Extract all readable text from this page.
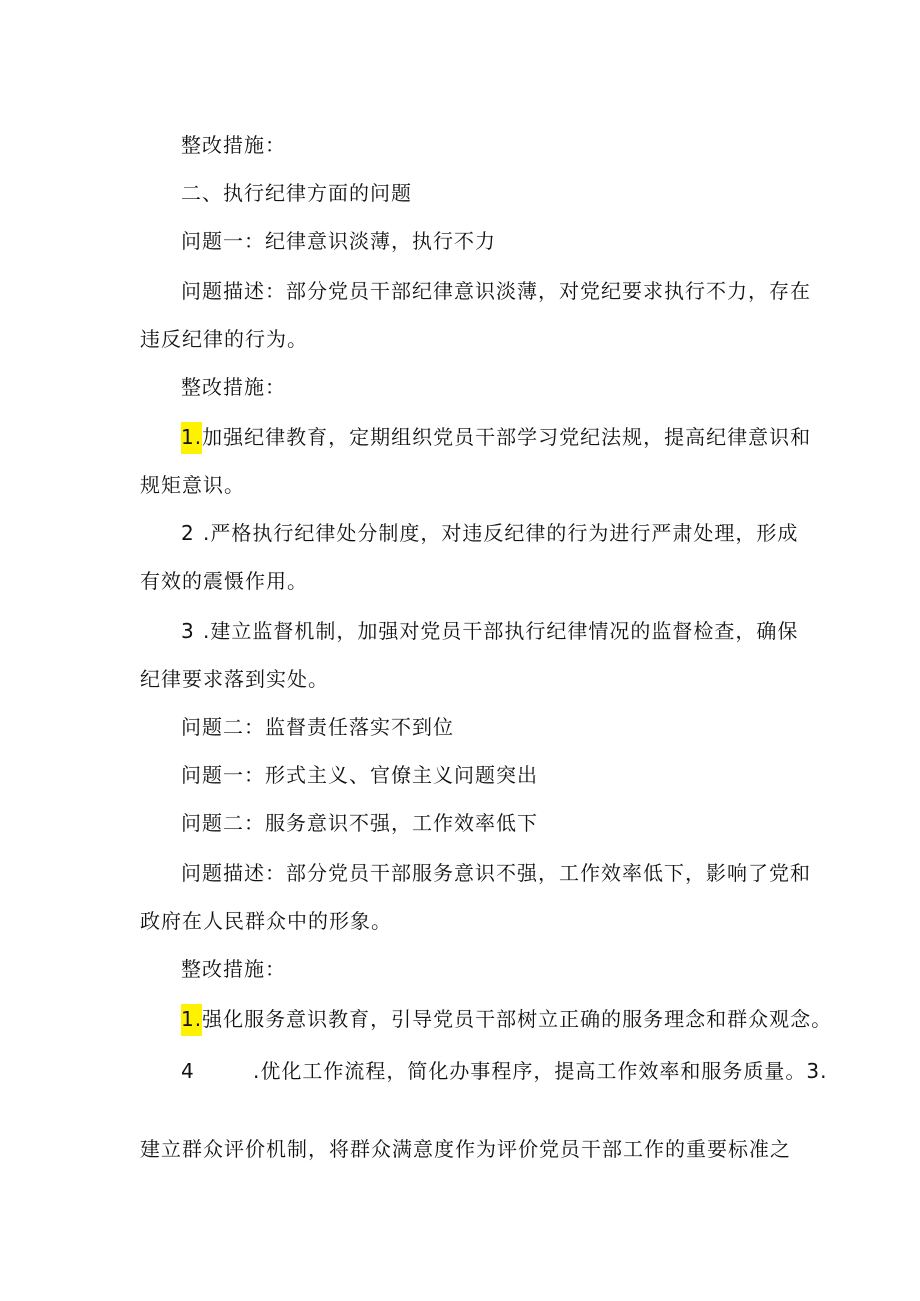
整改措施：
二、执行纪律方面的问题
问题一：纪律意识淡薄，执行不力
问题描述：部分党员干部纪律意识淡薄，对党纪要求执行不力，存在
违反纪律的行为。
整改措施：
1.加强纪律教育，定期组织党员干部学习党纪法规，提高纪律意识和
规矩意识。
2 .严格执行纪律处分制度，对违反纪律的行为进行严肃处理，形成
有效的震慑作用。
3 .建立监督机制，加强对党员干部执行纪律情况的监督检查，确保
纪律要求落到实处。
问题二：监督责任落实不到位
问题一：形式主义、官僚主义问题突出
问题二：服务意识不强，工作效率低下
问题描述：部分党员干部服务意识不强，工作效率低下，影响了党和
政府在人民群众中的形象。
整改措施：
1.强化服务意识教育，引导党员干部树立正确的服务理念和群众观念。
4	.优化工作流程，简化办事程序，提高工作效率和服务质量。3.
建立群众评价机制，将群众满意度作为评价党员干部工作的重要标准之
